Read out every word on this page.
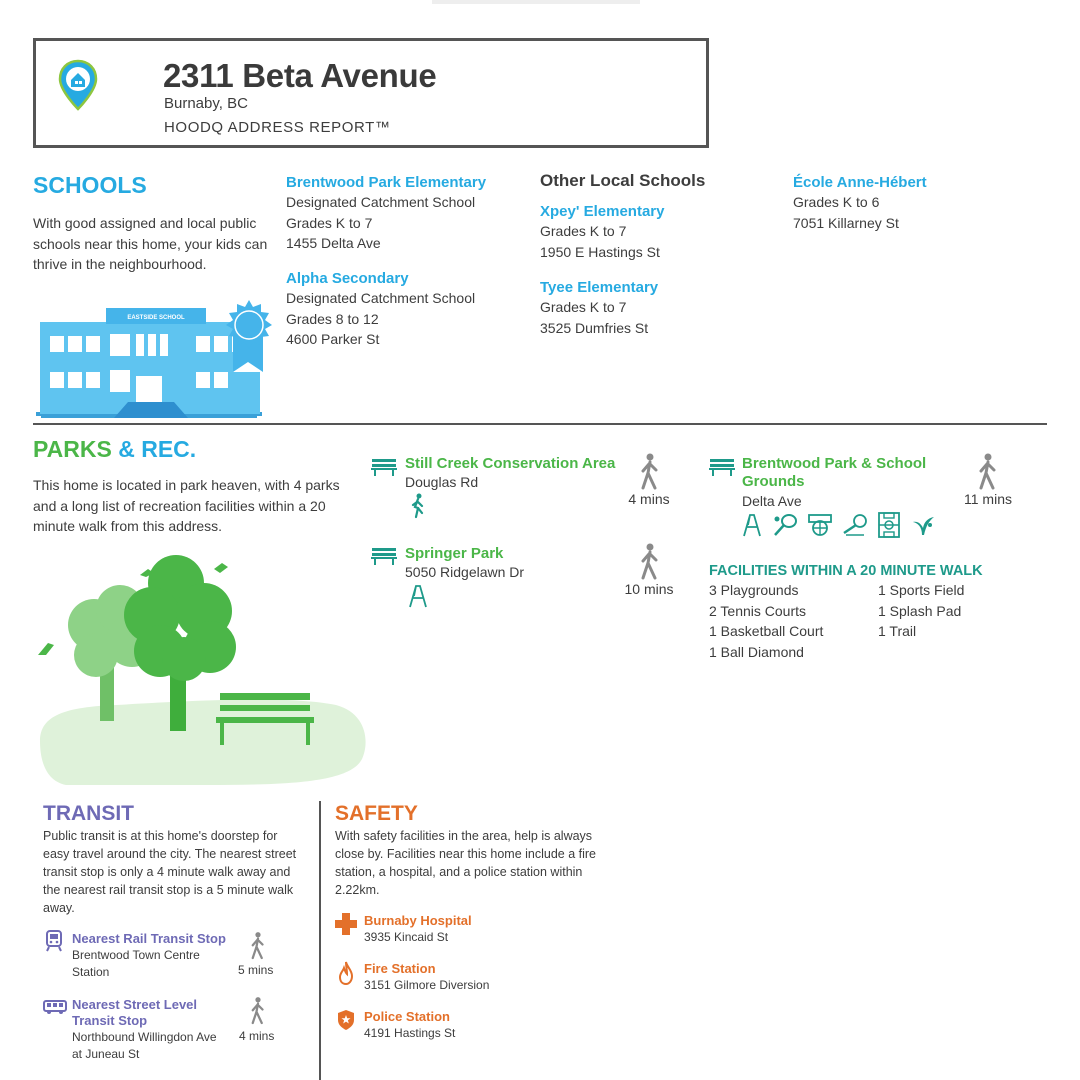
2311 Beta Avenue
Burnaby, BC
HOODQ ADDRESS REPORT™
SCHOOLS
With good assigned and local public
schools near this home, your kids can
thrive in the neighbourhood.
EASTSIDE SCHOOL
Brentwood Park Elementary
Designated Catchment School
Grades K to 7
1455 Delta Ave
Alpha Secondary
Designated Catchment School
Grades 8 to 12
4600 Parker St
Other Local Schools
Xpey' Elementary
Grades K to 7
1950 E Hastings St
Tyee Elementary
Grades K to 7
3525 Dumfries St
École Anne-Hébert
Grades K to 6
7051 Killarney St
PARKS & REC.
This home is located in park heaven, with 4 parks
and a long list of recreation facilities within a 20
minute walk from this address.
Still Creek Conservation Area
Douglas Rd
4 mins
Springer Park
5050 Ridgelawn Dr
10 mins
Brentwood Park & School
Grounds
Delta Ave	11 mins
FACILITIES WITHIN A 20 MINUTE WALK
3 Playgrounds
2 Tennis Courts
1 Basketball Court
1 Ball Diamond
1 Sports Field
1 Splash Pad
1 Trail
TRANSIT
Public transit is at this home's doorstep for
easy travel around the city. The nearest street
transit stop is only a 4 minute walk away and
the nearest rail transit stop is a 5 minute walk
away.
Nearest Rail Transit Stop
Brentwood Town Centre
Station	5 mins
Nearest Street Level
Transit Stop
Northbound Willingdon Ave
at Juneau St
4 mins
SAFETY
With safety facilities in the area, help is always
close by. Facilities near this home include a fire
station, a hospital, and a police station within
2.22km.
Burnaby Hospital
3935 Kincaid St
Fire Station
3151 Gilmore Diversion
Police Station
4191 Hastings St
